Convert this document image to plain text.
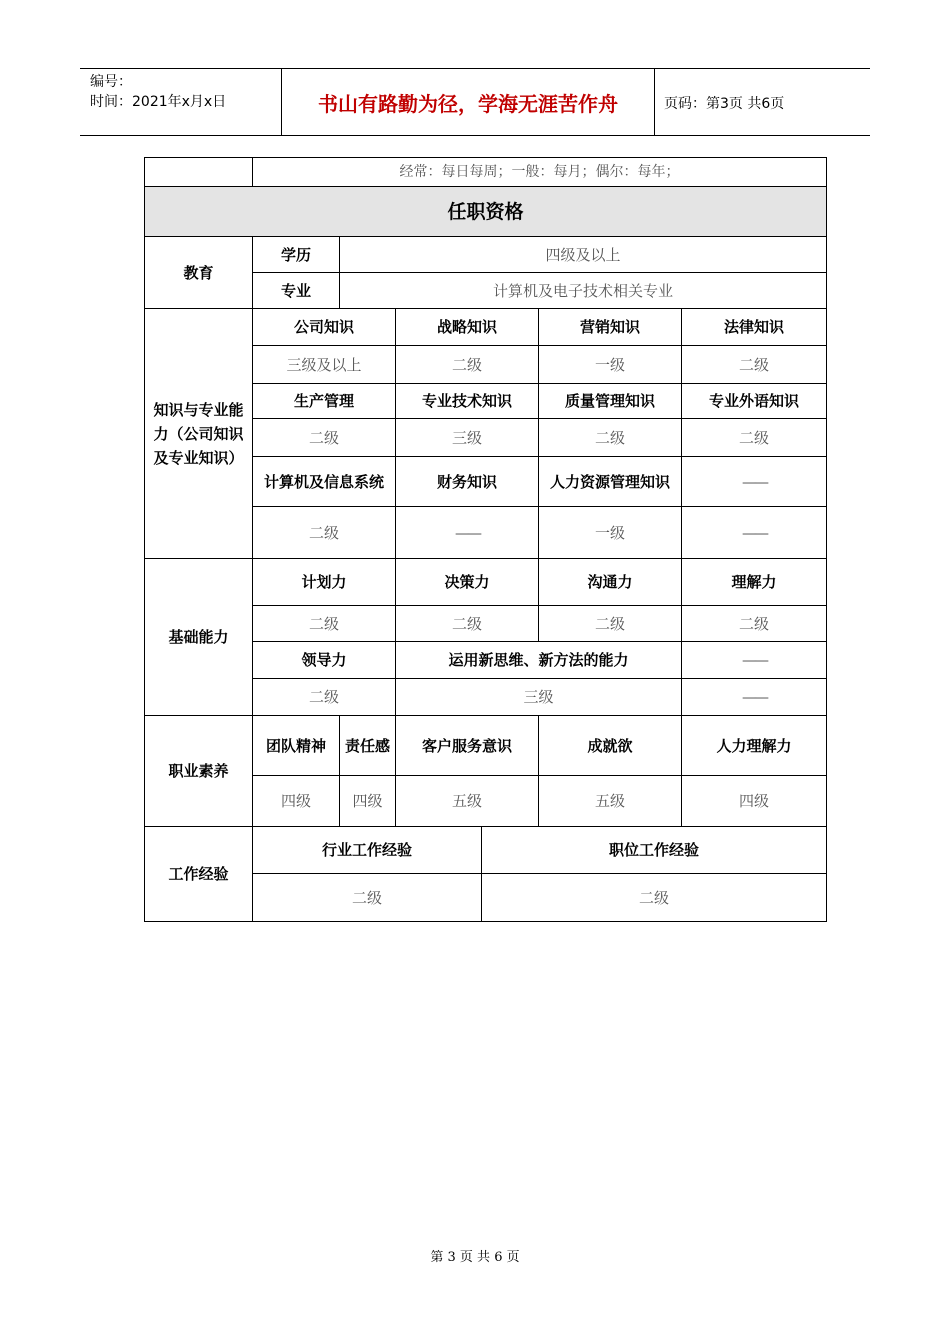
编号：
时间：2021年x月x日	书山有路勤为径，学海无涯苦作舟	页码：第3页 共6页
	经常：每日每周；一般：每月；偶尔：每年；					
任职资格						
教育	学历	四级及以上				
	专业	计算机及电子技术相关专业				
知识与专业能力（公司知识及专业知识）	公司知识		战略知识		营销知识	法律知识
	三级及以上		二级		一级	二级
	生产管理		专业技术知识		质量管理知识	专业外语知识
	二级		三级		二级	二级
	计算机及信息系统		财务知识		人力资源管理知识	——
	二级		——		一级	——
基础能力	计划力		决策力		沟通力	理解力
	二级		二级		二级	二级
	领导力		运用新思维、新方法的能力			——
	二级		三级			——
职业素养	团队精神	责任感	客户服务意识		成就欲	人力理解力
	四级	四级	五级		五级	四级
工作经验	行业工作经验			职位工作经验		
	二级			二级		
第 3 页 共 6 页
